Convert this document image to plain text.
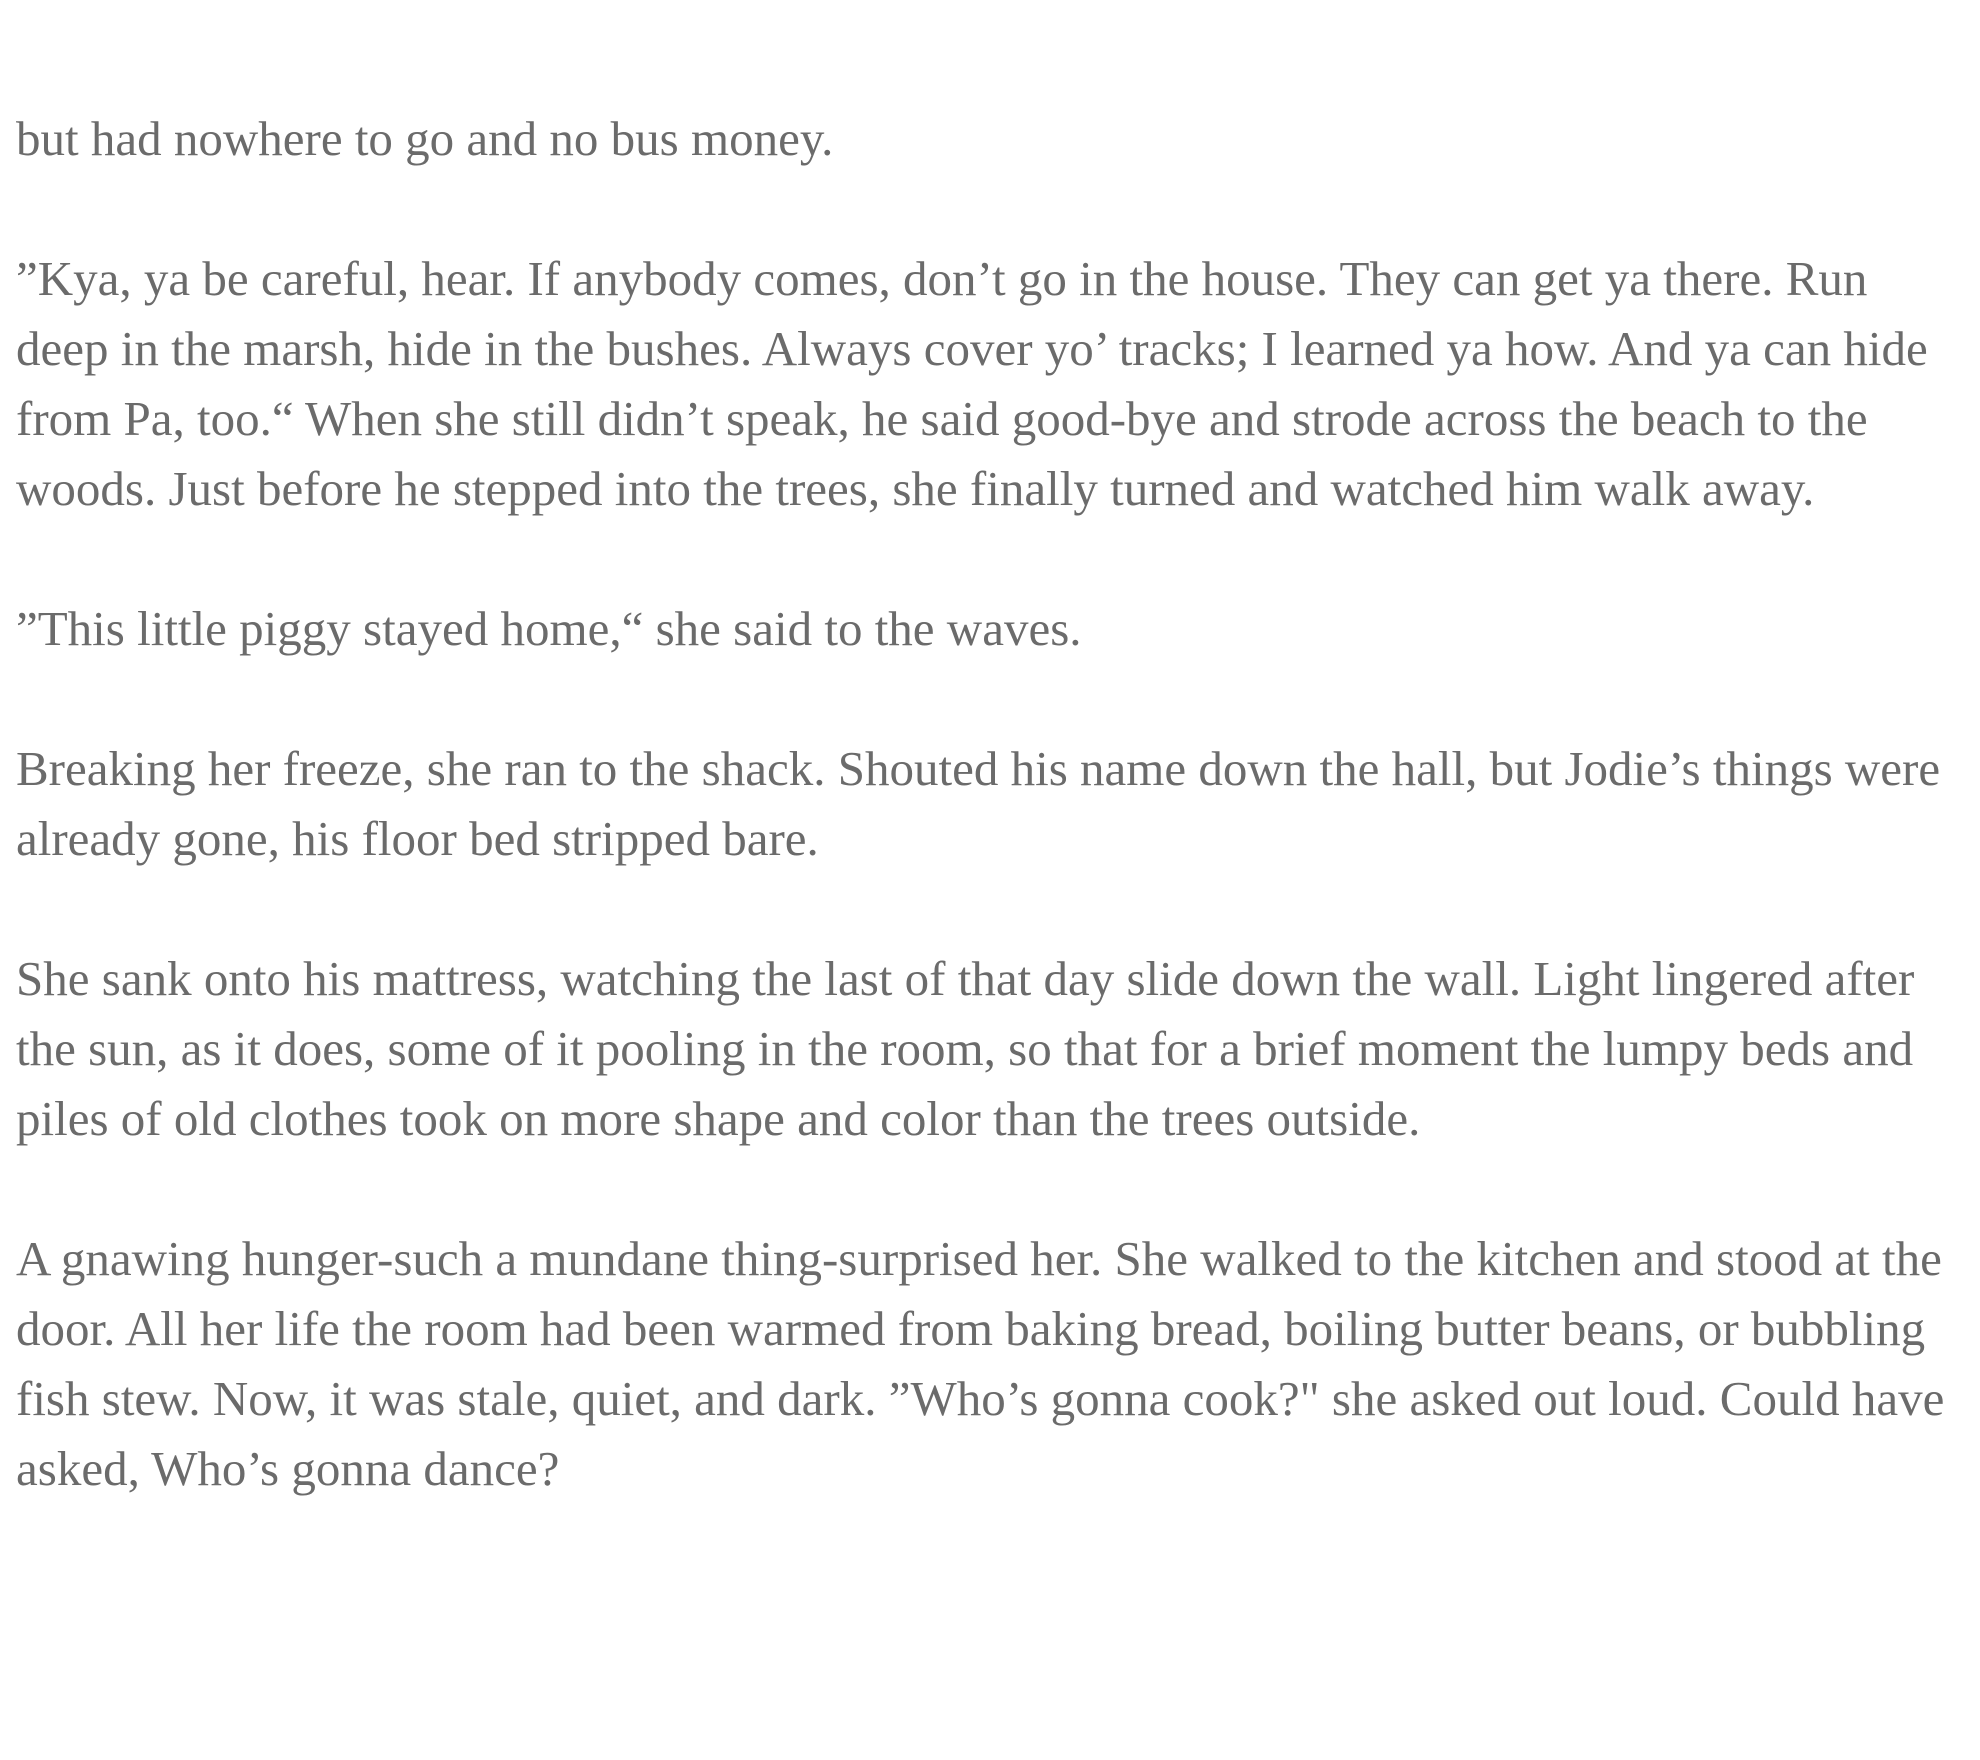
but had nowhere to go and no bus money.

”Kya, ya be careful, hear. If anybody comes, don’t go in the house. They can get ya there. Run deep in the marsh, hide in the bushes. Always cover yo’ tracks; I learned ya how. And ya can hide from Pa, too.“ When she still didn’t speak, he said good-bye and strode across the beach to the woods. Just before he stepped into the trees, she finally turned and watched him walk away.

”This little piggy stayed home,“ she said to the waves.

Breaking her freeze, she ran to the shack. Shouted his name down the hall, but Jodie’s things were already gone, his floor bed stripped bare.

She sank onto his mattress, watching the last of that day slide down the wall. Light lingered after the sun, as it does, some of it pooling in the room, so that for a brief moment the lumpy beds and piles of old clothes took on more shape and color than the trees outside.

A gnawing hunger-such a mundane thing-surprised her. She walked to the kitchen and stood at the door. All her life the room had been warmed from baking bread, boiling butter beans, or bubbling fish stew. Now, it was stale, quiet, and dark. ”Who’s gonna cook?" she asked out loud. Could have asked, Who’s gonna dance?
